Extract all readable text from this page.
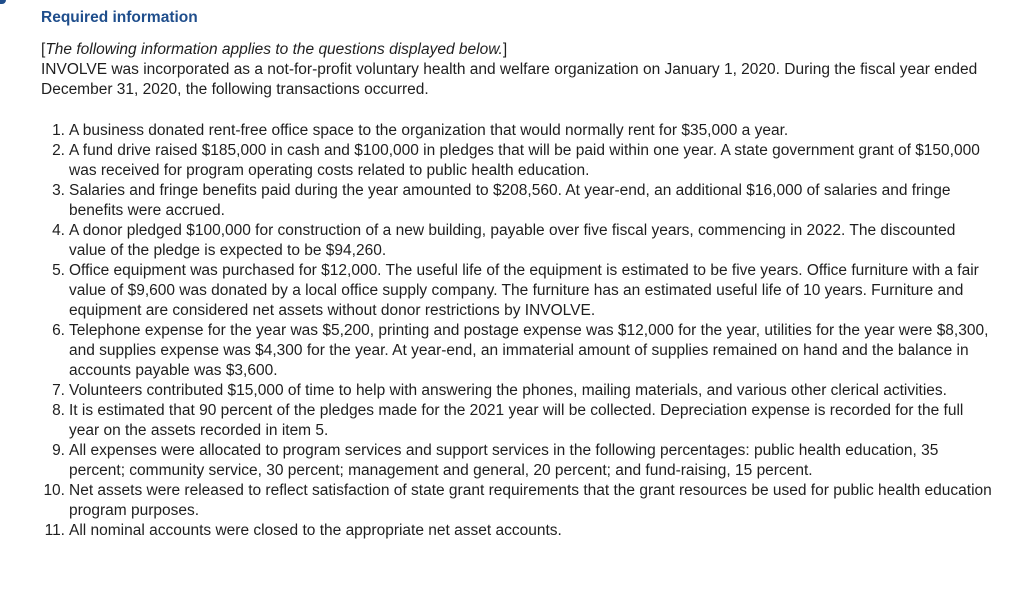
Required information

[The following information applies to the questions displayed below.]

INVOLVE was incorporated as a not-for-profit voluntary health and welfare organization on January 1, 2020. During the fiscal year ended December 31, 2020, the following transactions occurred.

1. A business donated rent-free office space to the organization that would normally rent for $35,000 a year.
2. A fund drive raised $185,000 in cash and $100,000 in pledges that will be paid within one year. A state government grant of $150,000 was received for program operating costs related to public health education.
3. Salaries and fringe benefits paid during the year amounted to $208,560. At year-end, an additional $16,000 of salaries and fringe benefits were accrued.
4. A donor pledged $100,000 for construction of a new building, payable over five fiscal years, commencing in 2022. The discounted value of the pledge is expected to be $94,260.
5. Office equipment was purchased for $12,000. The useful life of the equipment is estimated to be five years. Office furniture with a fair value of $9,600 was donated by a local office supply company. The furniture has an estimated useful life of 10 years. Furniture and equipment are considered net assets without donor restrictions by INVOLVE.
6. Telephone expense for the year was $5,200, printing and postage expense was $12,000 for the year, utilities for the year were $8,300, and supplies expense was $4,300 for the year. At year-end, an immaterial amount of supplies remained on hand and the balance in accounts payable was $3,600.
7. Volunteers contributed $15,000 of time to help with answering the phones, mailing materials, and various other clerical activities.
8. It is estimated that 90 percent of the pledges made for the 2021 year will be collected. Depreciation expense is recorded for the full year on the assets recorded in item 5.
9. All expenses were allocated to program services and support services in the following percentages: public health education, 35 percent; community service, 30 percent; management and general, 20 percent; and fund-raising, 15 percent.
10. Net assets were released to reflect satisfaction of state grant requirements that the grant resources be used for public health education program purposes.
11. All nominal accounts were closed to the appropriate net asset accounts.
